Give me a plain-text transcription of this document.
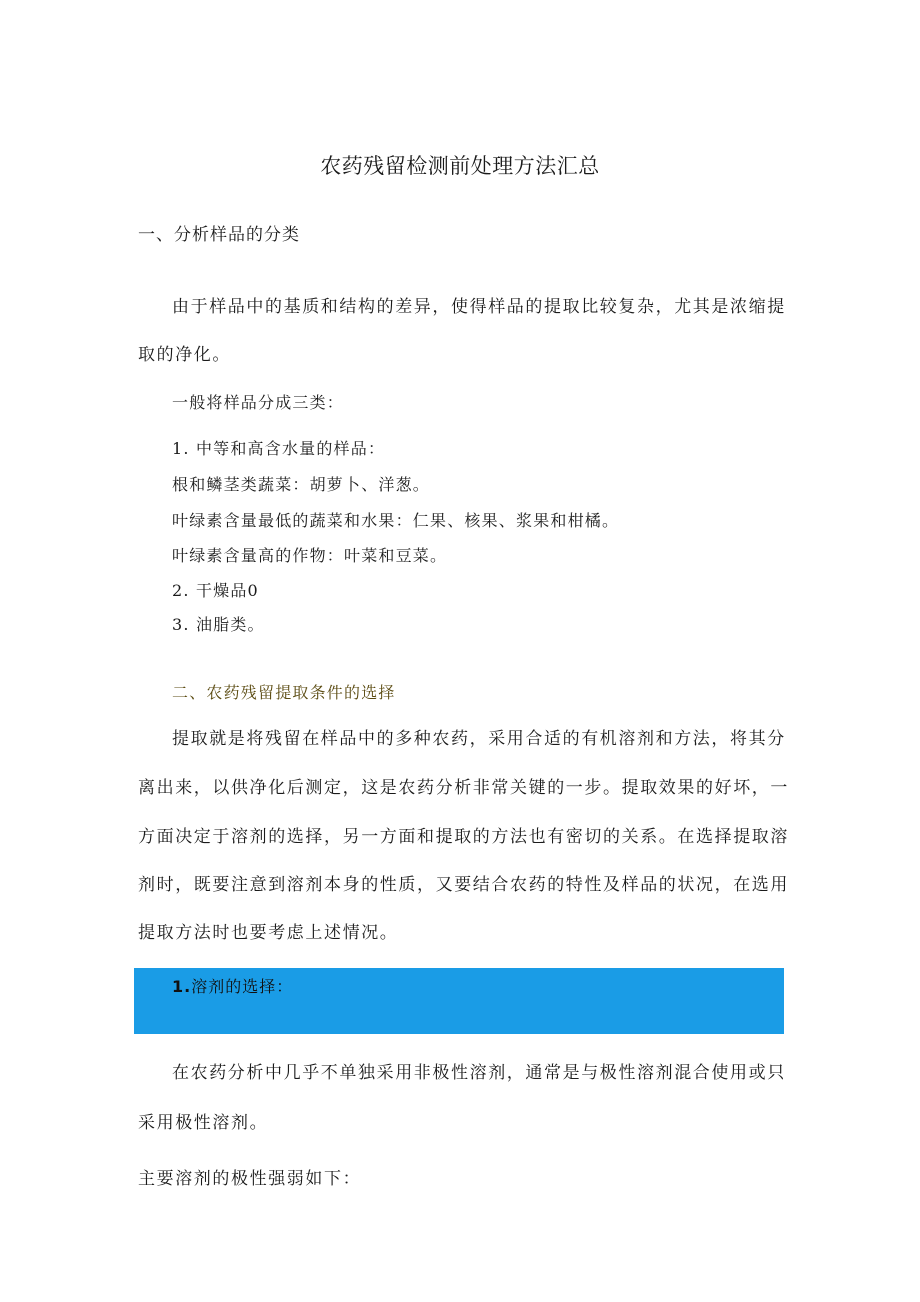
农药残留检测前处理方法汇总
一、分析样品的分类
由于样品中的基质和结构的差异，使得样品的提取比较复杂，尤其是浓缩提
取的净化。
一般将样品分成三类：
1. 中等和高含水量的样品：
根和鳞茎类蔬菜：胡萝卜、洋葱。
叶绿素含量最低的蔬菜和水果：仁果、核果、浆果和柑橘。
叶绿素含量高的作物：叶菜和豆菜。
2. 干燥品0
3. 油脂类。
二、农药残留提取条件的选择
提取就是将残留在样品中的多种农药，采用合适的有机溶剂和方法，将其分
离出来，以供净化后测定，这是农药分析非常关键的一步。提取效果的好坏，一
方面决定于溶剂的选择，另一方面和提取的方法也有密切的关系。在选择提取溶
剂时，既要注意到溶剂本身的性质，又要结合农药的特性及样品的状况，在选用
提取方法时也要考虑上述情况。
1.溶剂的选择：
在农药分析中几乎不单独采用非极性溶剂，通常是与极性溶剂混合使用或只
采用极性溶剂。
主要溶剂的极性强弱如下：
